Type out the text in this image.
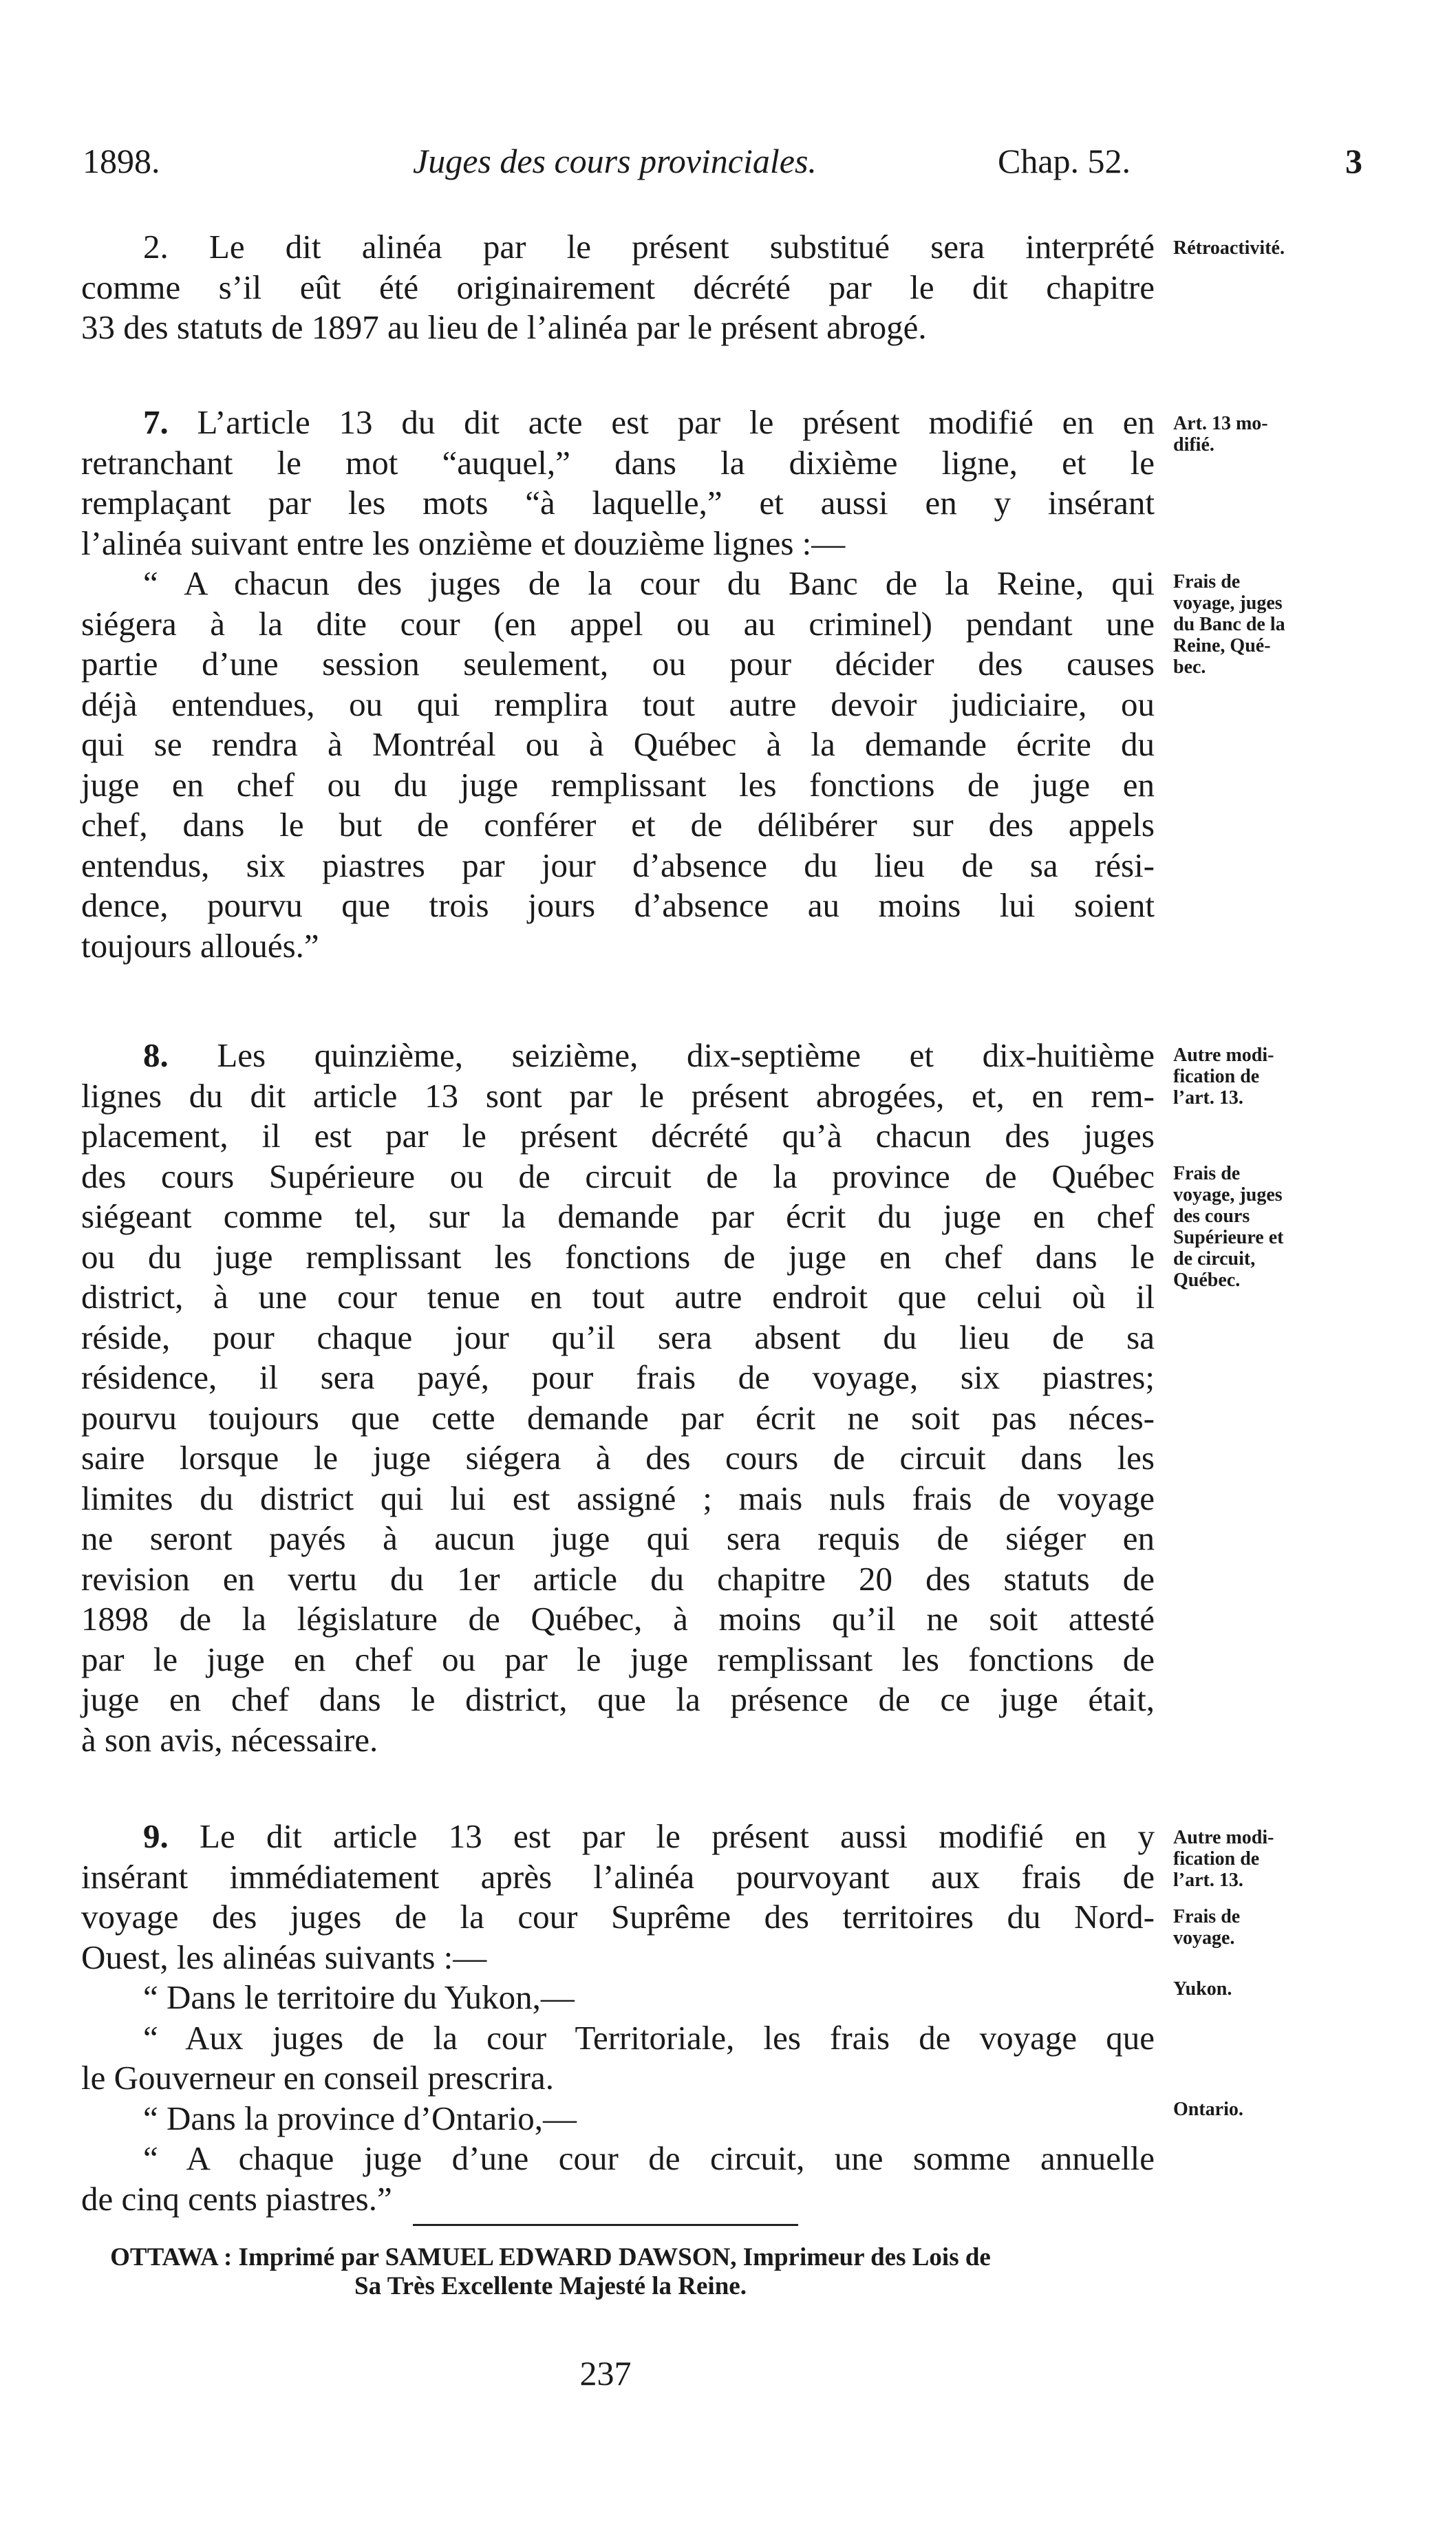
1898.	Juges des cours provinciales.	Chap. 52.	3
2. Le dit alinéa par le présent substitué sera interprété
comme s’il eût été originairement décrété par le dit chapitre
33 des statuts de 1897 au lieu de l’alinéa par le présent abrogé.
7. L’article 13 du dit acte est par le présent modifié en en
retranchant le mot “auquel,” dans la dixième ligne, et le
remplaçant par les mots “à laquelle,” et aussi en y insérant
l’alinéa suivant entre les onzième et douzième lignes :—
“ A chacun des juges de la cour du Banc de la Reine, qui
siégera à la dite cour (en appel ou au criminel) pendant une
partie d’une session seulement, ou pour décider des causes
déjà entendues, ou qui remplira tout autre devoir judiciaire, ou
qui se rendra à Montréal ou à Québec à la demande écrite du
juge en chef ou du juge remplissant les fonctions de juge en
chef, dans le but de conférer et de délibérer sur des appels
entendus, six piastres par jour d’absence du lieu de sa rési-
dence, pourvu que trois jours d’absence au moins lui soient
toujours alloués.”
8. Les quinzième, seizième, dix-septième et dix-huitième
lignes du dit article 13 sont par le présent abrogées, et, en rem-
placement, il est par le présent décrété qu’à chacun des juges
des cours Supérieure ou de circuit de la province de Québec
siégeant comme tel, sur la demande par écrit du juge en chef
ou du juge remplissant les fonctions de juge en chef dans le
district, à une cour tenue en tout autre endroit que celui où il
réside, pour chaque jour qu’il sera absent du lieu de sa
résidence, il sera payé, pour frais de voyage, six piastres;
pourvu toujours que cette demande par écrit ne soit pas néces-
saire lorsque le juge siégera à des cours de circuit dans les
limites du district qui lui est assigné ; mais nuls frais de voyage
ne seront payés à aucun juge qui sera requis de siéger en
revision en vertu du 1er article du chapitre 20 des statuts de
1898 de la législature de Québec, à moins qu’il ne soit attesté
par le juge en chef ou par le juge remplissant les fonctions de
juge en chef dans le district, que la présence de ce juge était,
à son avis, nécessaire.
9. Le dit article 13 est par le présent aussi modifié en y
insérant immédiatement après l’alinéa pourvoyant aux frais de
voyage des juges de la cour Suprême des territoires du Nord-
Ouest, les alinéas suivants :—
“ Dans le territoire du Yukon,—
“ Aux juges de la cour Territoriale, les frais de voyage que
le Gouverneur en conseil prescrira.
“ Dans la province d’Ontario,—
“ A chaque juge d’une cour de circuit, une somme annuelle
de cinq cents piastres.”
Rétroactivité.
Art. 13 mo-
difié.
Frais de
voyage, juges
du Banc de la
Reine, Qué-
bec.
Autre modi-
fication de
l’art. 13.
Frais de
voyage, juges
des cours
Supérieure et
de circuit,
Québec.
Autre modi-
fication de
l’art. 13.
Frais de
voyage.
Yukon.
Ontario.
OTTAWA : Imprimé par SAMUEL EDWARD DAWSON, Imprimeur des Lois de
Sa Très Excellente Majesté la Reine.
237
